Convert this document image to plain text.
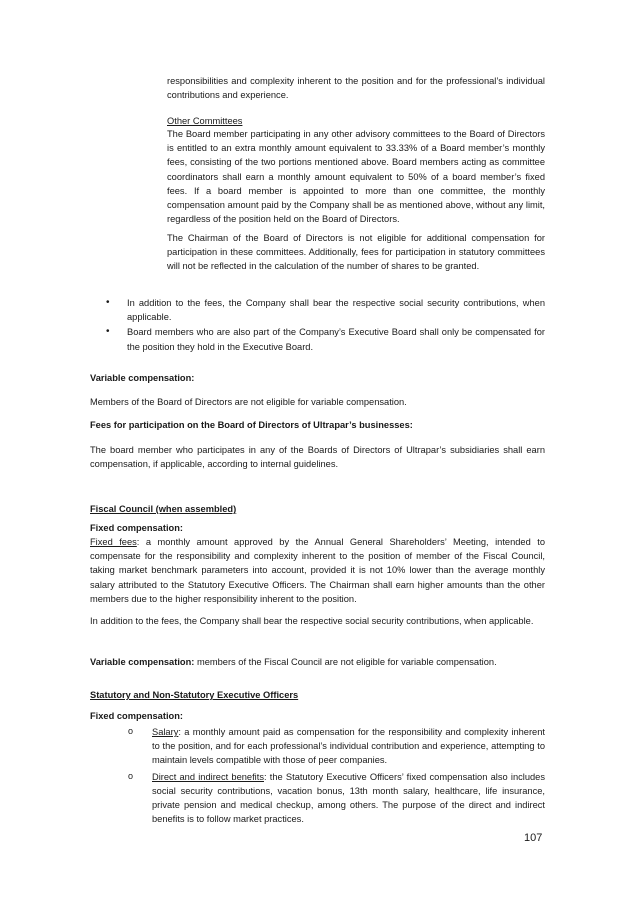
responsibilities and complexity inherent to the position and for the professional’s individual contributions and experience.

Other Committees

The Board member participating in any other advisory committees to the Board of Directors is entitled to an extra monthly amount equivalent to 33.33% of a Board member’s monthly fees, consisting of the two portions mentioned above. Board members acting as committee coordinators shall earn a monthly amount equivalent to 50% of a board member’s fixed fees. If a board member is appointed to more than one committee, the monthly compensation amount paid by the Company shall be as mentioned above, without any limit, regardless of the position held on the Board of Directors.

The Chairman of the Board of Directors is not eligible for additional compensation for participation in these committees. Additionally, fees for participation in statutory committees will not be reflected in the calculation of the number of shares to be granted.

• In addition to the fees, the Company shall bear the respective social security contributions, when applicable.
• Board members who are also part of the Company’s Executive Board shall only be compensated for the position they hold in the Executive Board.

Variable compensation:

Members of the Board of Directors are not eligible for variable compensation.

Fees for participation on the Board of Directors of Ultrapar’s businesses:

The board member who participates in any of the Boards of Directors of Ultrapar’s subsidiaries shall earn compensation, if applicable, according to internal guidelines.

Fiscal Council (when assembled)

Fixed compensation:

Fixed fees: a monthly amount approved by the Annual General Shareholders’ Meeting, intended to compensate for the responsibility and complexity inherent to the position of member of the Fiscal Council, taking market benchmark parameters into account, provided it is not 10% lower than the average monthly salary attributed to the Statutory Executive Officers. The Chairman shall earn higher amounts than the other members due to the higher responsibility inherent to the position.

In addition to the fees, the Company shall bear the respective social security contributions, when applicable.

Variable compensation: members of the Fiscal Council are not eligible for variable compensation.

Statutory and Non-Statutory Executive Officers

Fixed compensation:

o Salary: a monthly amount paid as compensation for the responsibility and complexity inherent to the position, and for each professional’s individual contribution and experience, attempting to maintain levels compatible with those of peer companies.
o Direct and indirect benefits: the Statutory Executive Officers’ fixed compensation also includes social security contributions, vacation bonus, 13th month salary, healthcare, life insurance, private pension and medical checkup, among others. The purpose of the direct and indirect benefits is to follow market practices.

107
